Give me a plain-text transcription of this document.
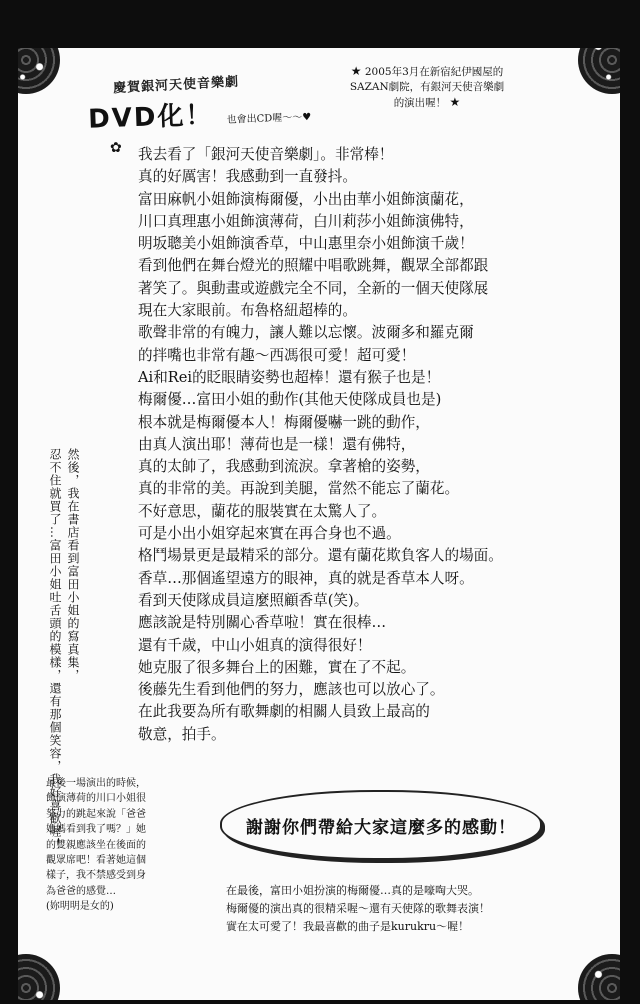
慶賀銀河天使音樂劇
DVD化！ 也會出CD喔～～♥
★ 2005年3月在新宿紀伊國屋的
SAZAN劇院，有銀河天使音樂劇
的演出喔！ ★
✿ 我去看了「銀河天使音樂劇」。非常棒！
真的好厲害！我感動到一直發抖。
富田麻帆小姐飾演梅爾優，小出由華小姐飾演蘭花，
川口真理惠小姐飾演薄荷，白川莉莎小姐飾演佛特，
明坂聰美小姐飾演香草，中山惠里奈小姐飾演千歲！
看到他們在舞台燈光的照耀中唱歌跳舞，觀眾全部都跟
著笑了。與動畫或遊戲完全不同，全新的一個天使隊展
現在大家眼前。布魯格紐超棒的。
歌聲非常的有魄力，讓人難以忘懷。波爾多和羅克爾
的拌嘴也非常有趣～西馮很可愛！超可愛！
Ai和Rei的眨眼睛姿勢也超棒！還有猴子也是！
梅爾優…富田小姐的動作(其他天使隊成員也是)
根本就是梅爾優本人！梅爾優嚇一跳的動作，
由真人演出耶！薄荷也是一樣！還有佛特，
真的太帥了，我感動到流淚。拿著槍的姿勢，
真的非常的美。再說到美腿，當然不能忘了蘭花。
不好意思，蘭花的服裝實在太驚人了。
可是小出小姐穿起來實在再合身也不過。
格鬥場景更是最精采的部分。還有蘭花欺負客人的場面。
香草…那個遙望遠方的眼神，真的就是香草本人呀。
看到天使隊成員這麼照顧香草(笑)。
應該說是特別關心香草啦！實在很棒…
還有千歲，中山小姐真的演得很好！
她克服了很多舞台上的困難，實在了不起。
後藤先生看到他們的努力，應該也可以放心了。
在此我要為所有歌舞劇的相關人員致上最高的
敬意，拍手。
然後，我在書店看到富田小姐的寫真集，
忍不住就買了…富田小姐吐舌頭的模樣，還有那個笑容，我好喜歡喔！
最後一場演出的時候，
飾演薄荷的川口小姐很
努力的跳起來說「爸爸
媽媽看到我了嗎？」她
的雙親應該坐在後面的
觀眾席吧！看著她這個
樣子，我不禁感受到身
為爸爸的感覺…
(妳明明是女的)
謝謝你們帶給大家這麼多的感動！
在最後，富田小姐扮演的梅爾優…真的是嚎啕大哭。
梅爾優的演出真的很精采喔～還有天使隊的歌舞表演！
實在太可愛了！我最喜歡的曲子是kurukru～喔！
